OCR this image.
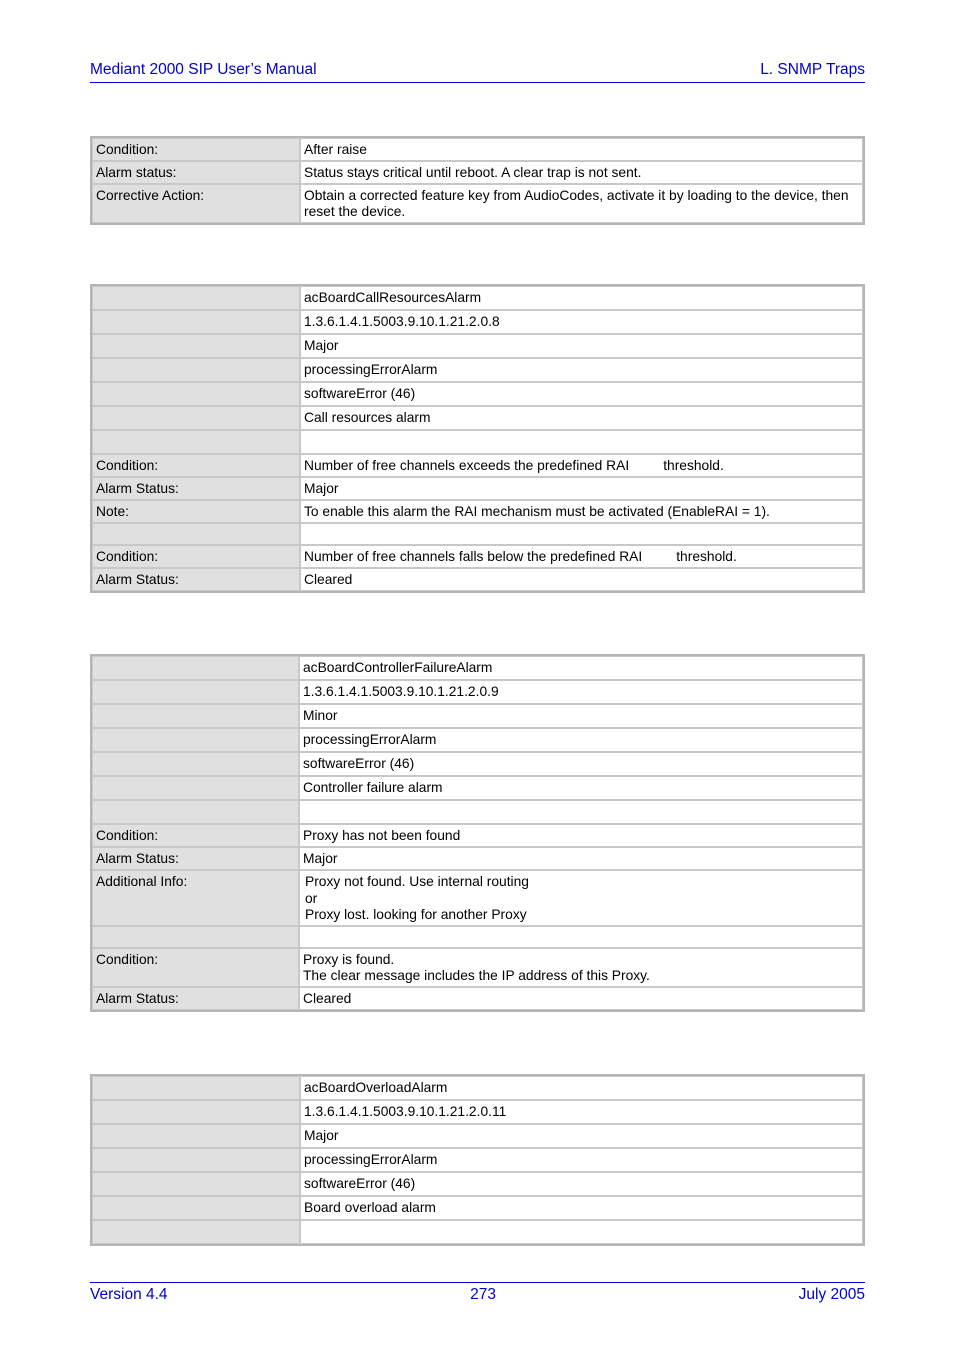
Mediant 2000 SIP User’s Manual	L. SNMP Traps
Condition:	After raise
Alarm status:	Status stays critical until reboot. A clear trap is not sent.
Corrective Action:	Obtain a corrected feature key from AudioCodes, activate it by loading to the device, then reset the device.
	acBoardCallResourcesAlarm
	1.3.6.1.4.1.5003.9.10.1.21.2.0.8
	Major
	processingErrorAlarm
	softwareError (46)
	Call resources alarm

Condition:	Number of free channels exceeds the predefined RAI threshold.
Alarm Status:	Major
Note:	To enable this alarm the RAI mechanism must be activated (EnableRAI = 1).

Condition:	Number of free channels falls below the predefined RAI threshold.
Alarm Status:	Cleared
	acBoardControllerFailureAlarm
	1.3.6.1.4.1.5003.9.10.1.21.2.0.9
	Minor
	processingErrorAlarm
	softwareError (46)
	Controller failure alarm

Condition:	Proxy has not been found
Alarm Status:	Major
Additional Info:	Proxy not found. Use internal routing
or
Proxy lost. looking for another Proxy

Condition:	Proxy is found.
The clear message includes the IP address of this Proxy.

Alarm Status:	Cleared
	acBoardOverloadAlarm
	1.3.6.1.4.1.5003.9.10.1.21.2.0.11
	Major
	processingErrorAlarm
	softwareError (46)
	Board overload alarm

Version 4.4	273	July 2005
